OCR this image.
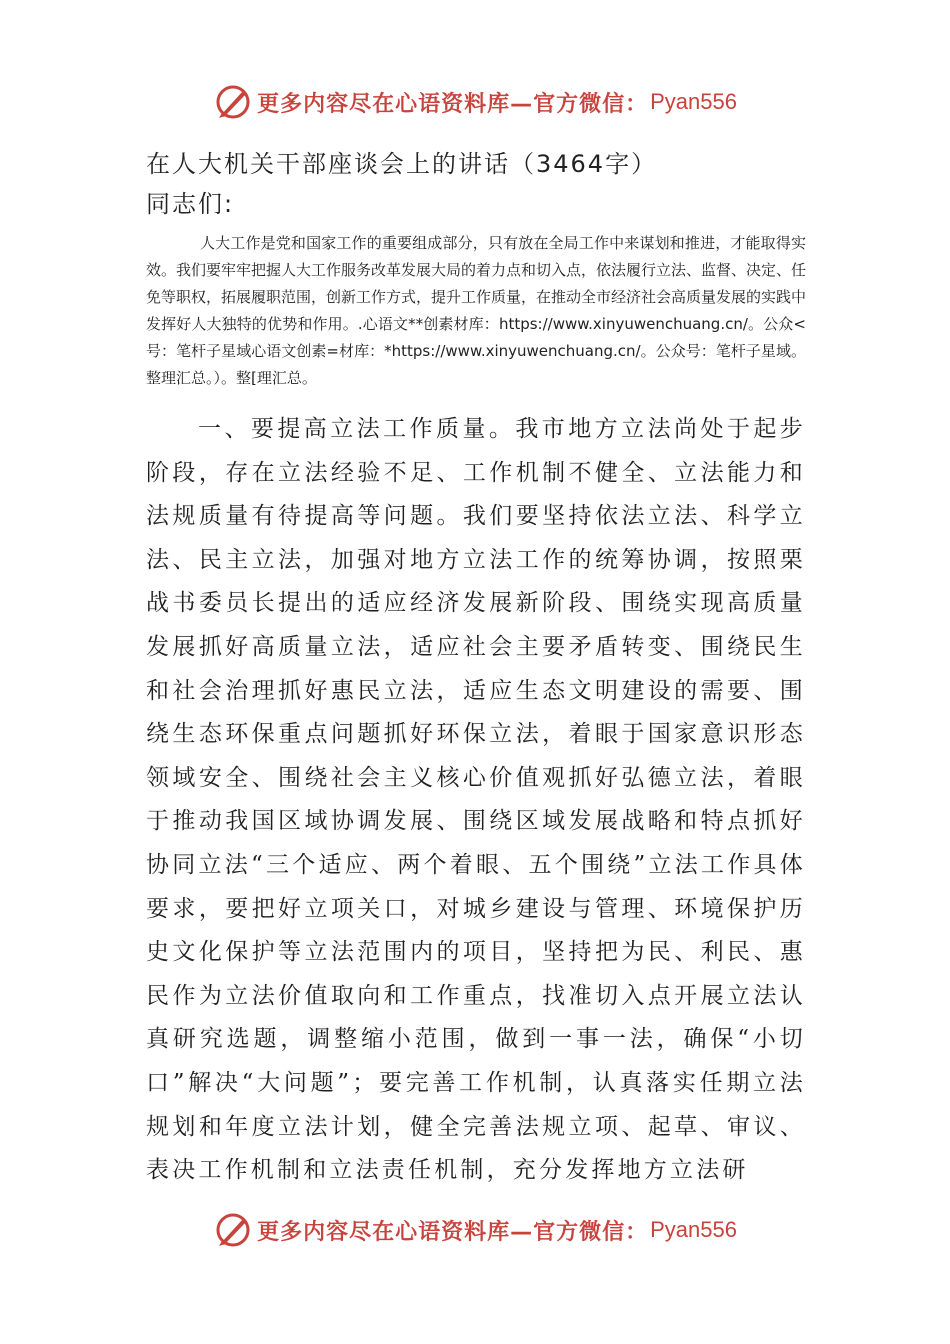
更多内容尽在心语资料库—官方微信： Pyan556
在人大机关干部座谈会上的讲话（3464字）
同志们:
人大工作是党和国家工作的重要组成部分，只有放在全局工作中来谋划和推进，才能取得实效。我们要牢牢把握人大工作服务改革发展大局的着力点和切入点，依法履行立法、监督、决定、任免等职权，拓展履职范围，创新工作方式，提升工作质量，在推动全市经济社会高质量发展的实践中发挥好人大独特的优势和作用。.心语文**创素材库：https://www.xinyuwenchuang.cn/。公众<号：笔杆子星域心语文创素=材库：*https://www.xinyuwenchuang.cn/。公众号：笔杆子星域。整理汇总。）。整[理汇总。
一、要提高立法工作质量。我市地方立法尚处于起步阶段，存在立法经验不足、工作机制不健全、立法能力和法规质量有待提高等问题。我们要坚持依法立法、科学立法、民主立法，加强对地方立法工作的统筹协调，按照栗战书委员长提出的适应经济发展新阶段、围绕实现高质量发展抓好高质量立法，适应社会主要矛盾转变、围绕民生和社会治理抓好惠民立法，适应生态文明建设的需要、围绕生态环保重点问题抓好环保立法，着眼于国家意识形态领域安全、围绕社会主义核心价值观抓好弘德立法，着眼于推动我国区域协调发展、围绕区域发展战略和特点抓好协同立法“三个适应、两个着眼、五个围绕”立法工作具体要求，要把好立项关口，对城乡建设与管理、环境保护历史文化保护等立法范围内的项目，坚持把为民、利民、惠民作为立法价值取向和工作重点，找准切入点开展立法认真研究选题，调整缩小范围，做到一事一法，确保“小切口”解决“大问题”；要完善工作机制，认真落实任期立法规划和年度立法计划，健全完善法规立项、起草、审议、表决工作机制和立法责任机制，充分发挥地方立法研
更多内容尽在心语资料库—官方微信： Pyan556
